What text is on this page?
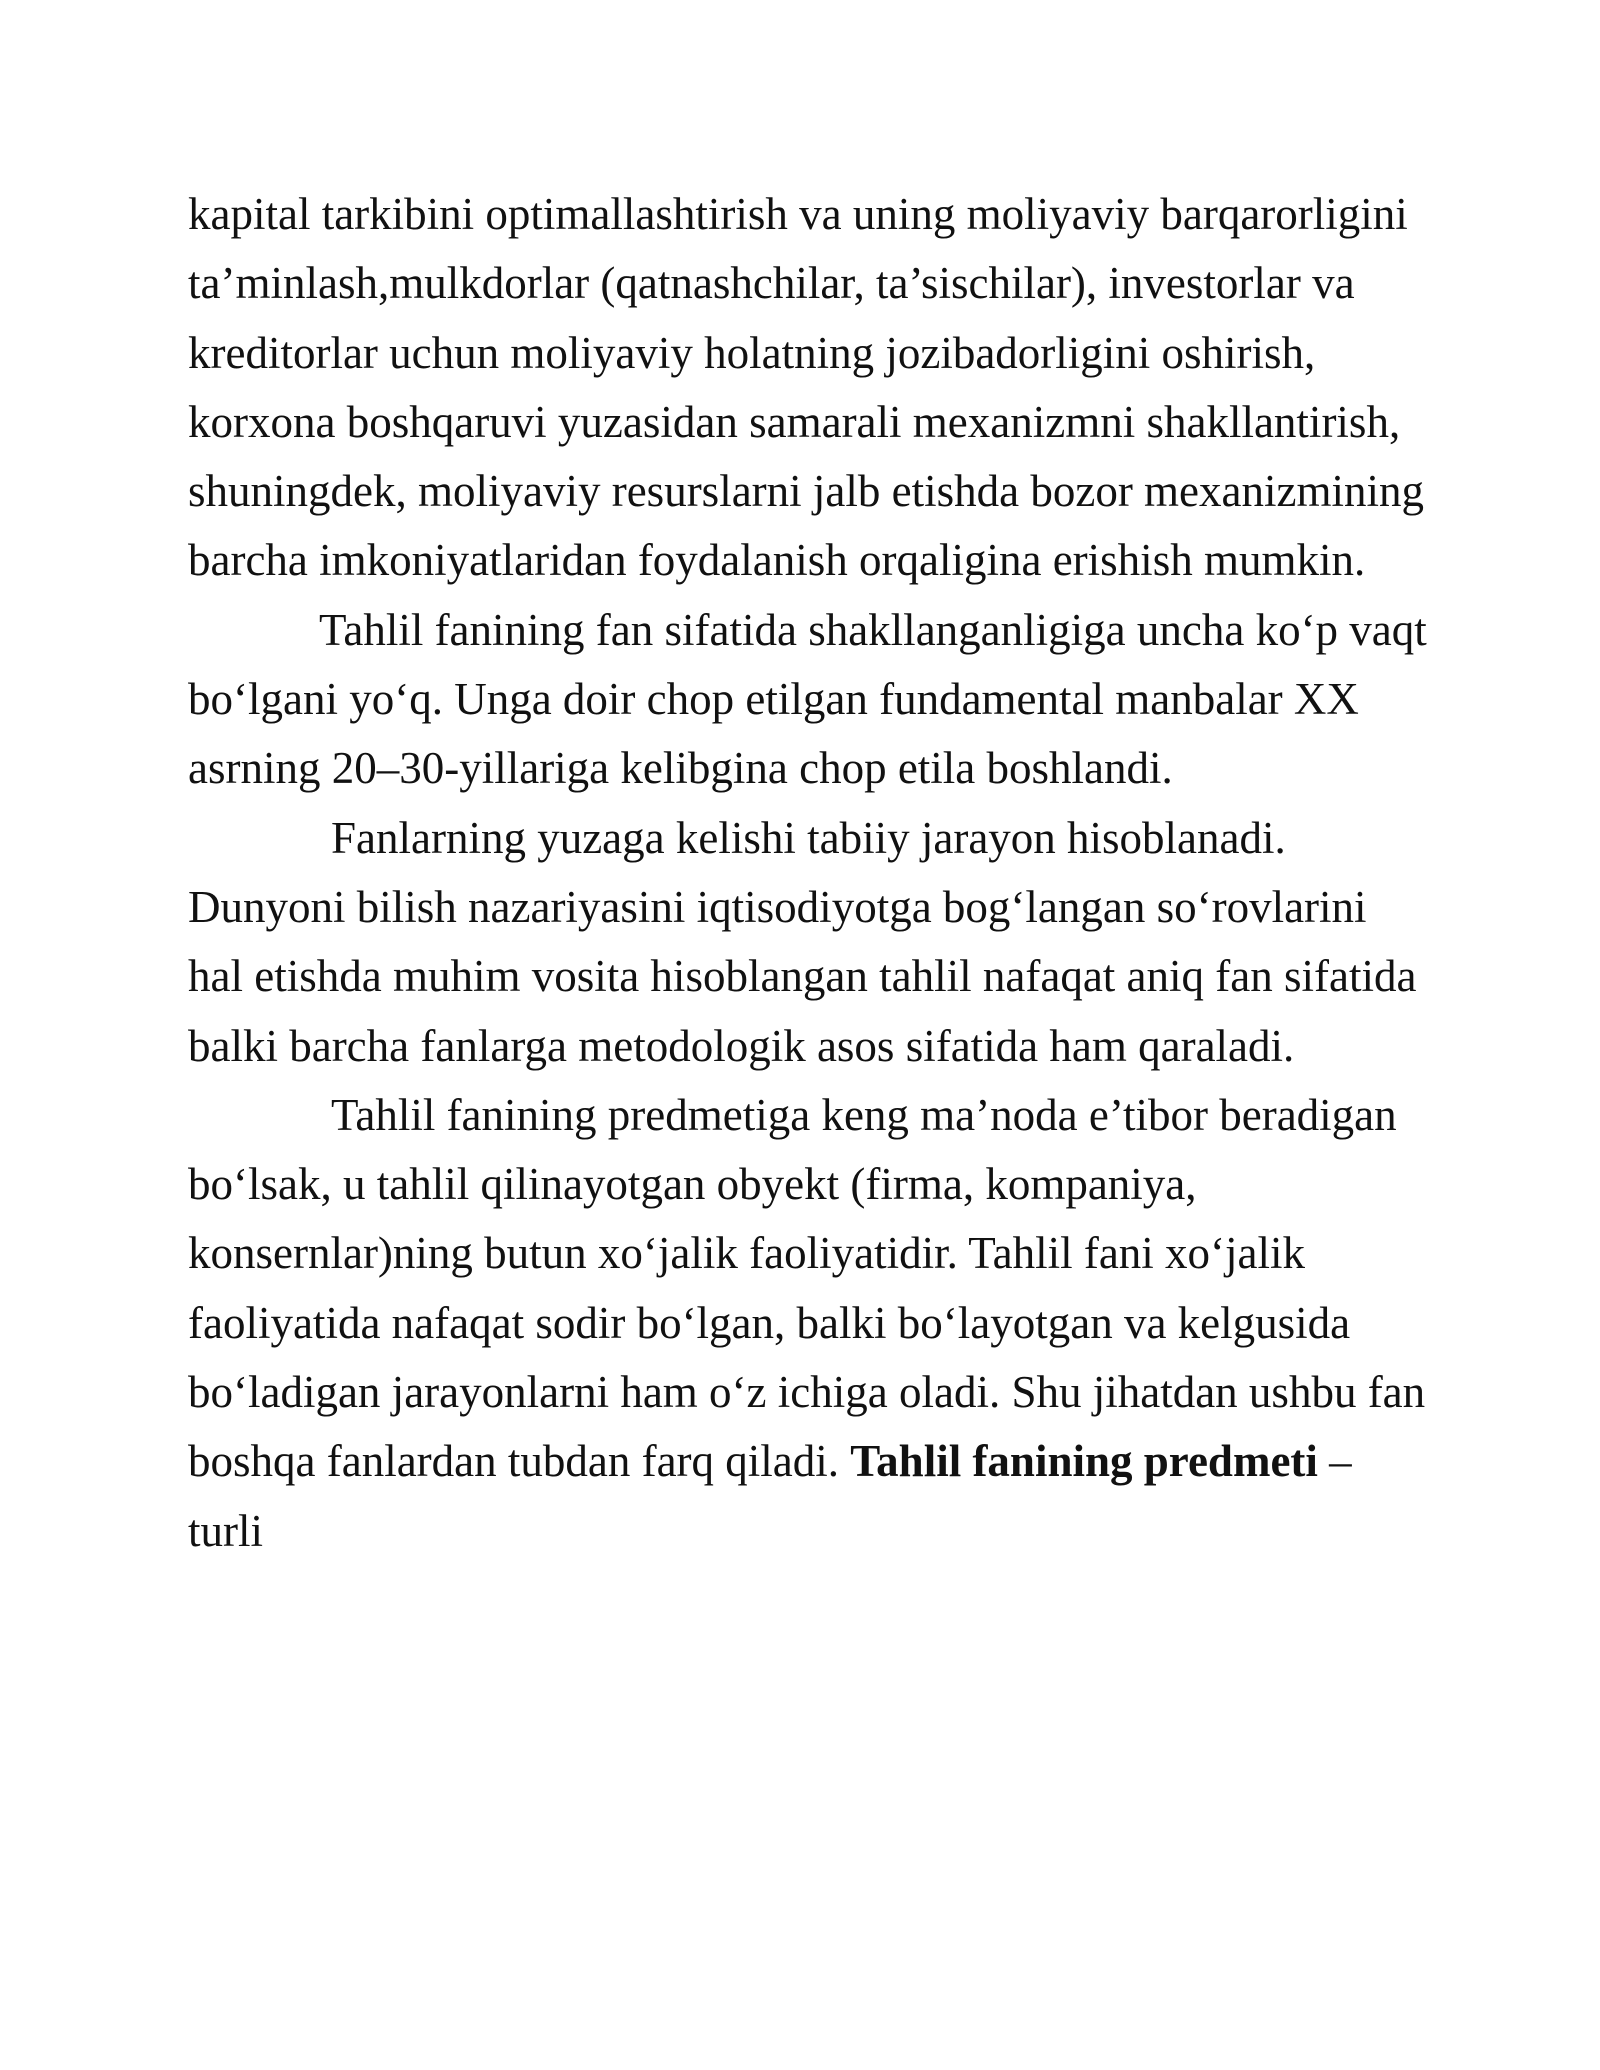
kapital tarkibini optimallashtirish va uning moliyaviy barqarorligini ta’minlash,mulkdorlar (qatnashchilar, ta’sischilar), investorlar va kreditorlar uchun moliyaviy holatning jozibadorligini oshirish, korxona boshqaruvi yuzasidan samarali mexanizmni shakllantirish, shuningdek, moliyaviy resurslarni jalb etishda bozor mexanizmining barcha imkoniyatlaridan foydalanish orqaligina erishish mumkin.

Tahlil fanining fan sifatida shakllanganligiga uncha ko‘p vaqt bo‘lgani yo‘q. Unga doir chop etilgan fundamental manbalar XX asrning 20–30-yillariga kelibgina chop etila boshlandi.

Fanlarning yuzaga kelishi tabiiy jarayon hisoblanadi. Dunyoni bilish nazariyasini iqtisodiyotga bog‘langan so‘rovlarini hal etishda muhim vosita hisoblangan tahlil nafaqat aniq fan sifatida balki barcha fanlarga metodologik asos sifatida ham qaraladi.

Tahlil fanining predmetiga keng ma’noda e’tibor beradigan bo‘lsak, u tahlil qilinayotgan obyekt (firma, kompaniya, konsernlar)ning butun xo‘jalik faoliyatidir. Tahlil fani xo‘jalik faoliyatida nafaqat sodir bo‘lgan, balki bo‘layotgan va kelgusida bo‘ladigan jarayonlarni ham o‘z ichiga oladi. Shu jihatdan ushbu fan boshqa fanlardan tubdan farq qiladi. Tahlil fanining predmeti – turli
